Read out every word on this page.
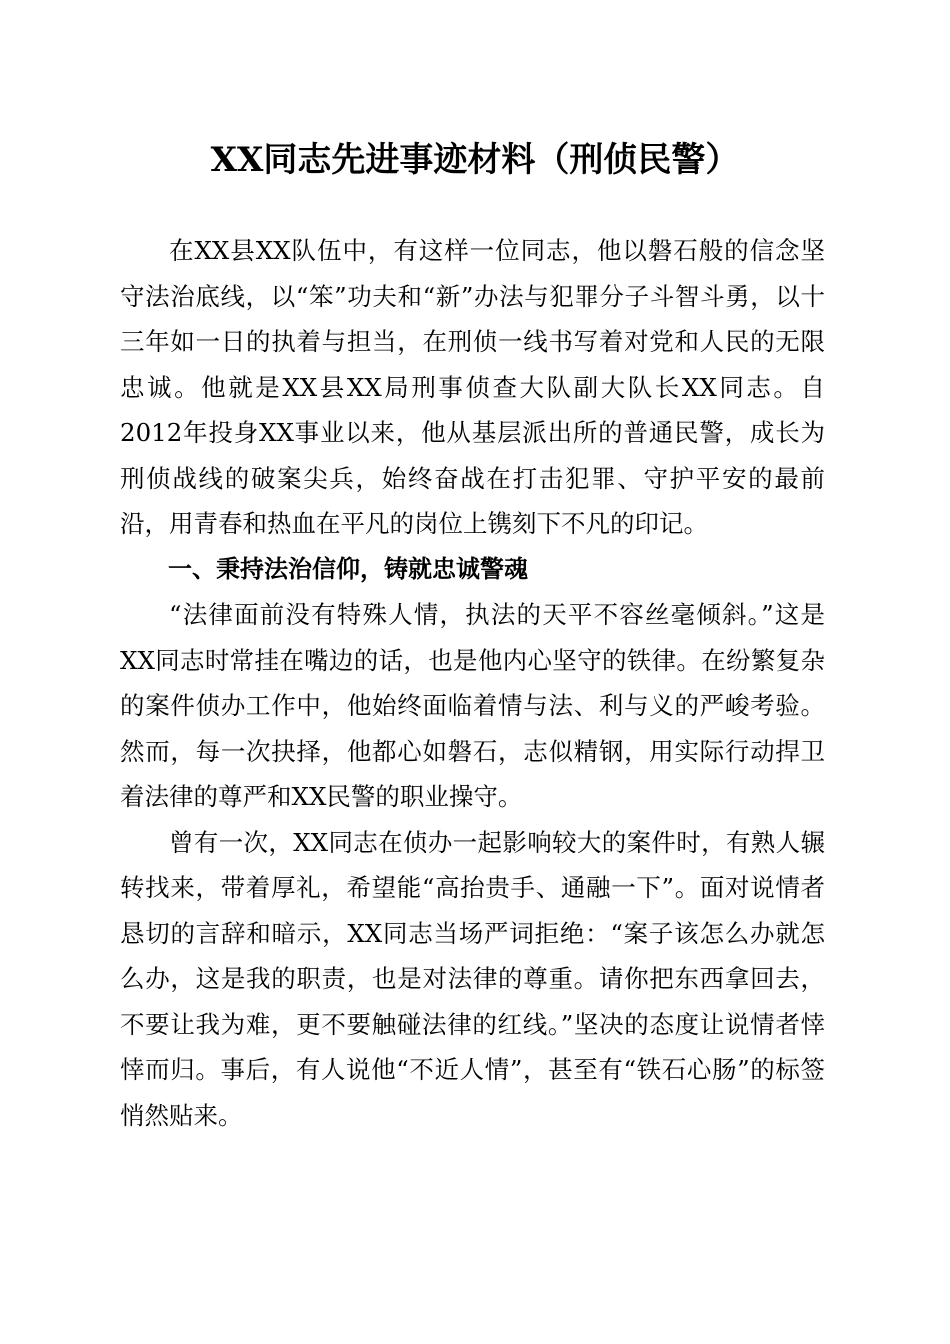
XX同志先进事迹材料（刑侦民警）

在XX县XX队伍中，有这样一位同志，他以磐石般的信念坚守法治底线，以“笨”功夫和“新”办法与犯罪分子斗智斗勇，以十三年如一日的执着与担当，在刑侦一线书写着对党和人民的无限忠诚。他就是XX县XX局刑事侦查大队副大队长XX同志。自2012年投身XX事业以来，他从基层派出所的普通民警，成长为刑侦战线的破案尖兵，始终奋战在打击犯罪、守护平安的最前沿，用青春和热血在平凡的岗位上镌刻下不凡的印记。

一、秉持法治信仰，铸就忠诚警魂

“法律面前没有特殊人情，执法的天平不容丝毫倾斜。”这是XX同志时常挂在嘴边的话，也是他内心坚守的铁律。在纷繁复杂的案件侦办工作中，他始终面临着情与法、利与义的严峻考验。然而，每一次抉择，他都心如磐石，志似精钢，用实际行动捍卫着法律的尊严和XX民警的职业操守。

曾有一次，XX同志在侦办一起影响较大的案件时，有熟人辗转找来，带着厚礼，希望能“高抬贵手、通融一下”。面对说情者恳切的言辞和暗示，XX同志当场严词拒绝：“案子该怎么办就怎么办，这是我的职责，也是对法律的尊重。请你把东西拿回去，不要让我为难，更不要触碰法律的红线。”坚决的态度让说情者悻悻而归。事后，有人说他“不近人情”，甚至有“铁石心肠”的标签悄然贴来。
